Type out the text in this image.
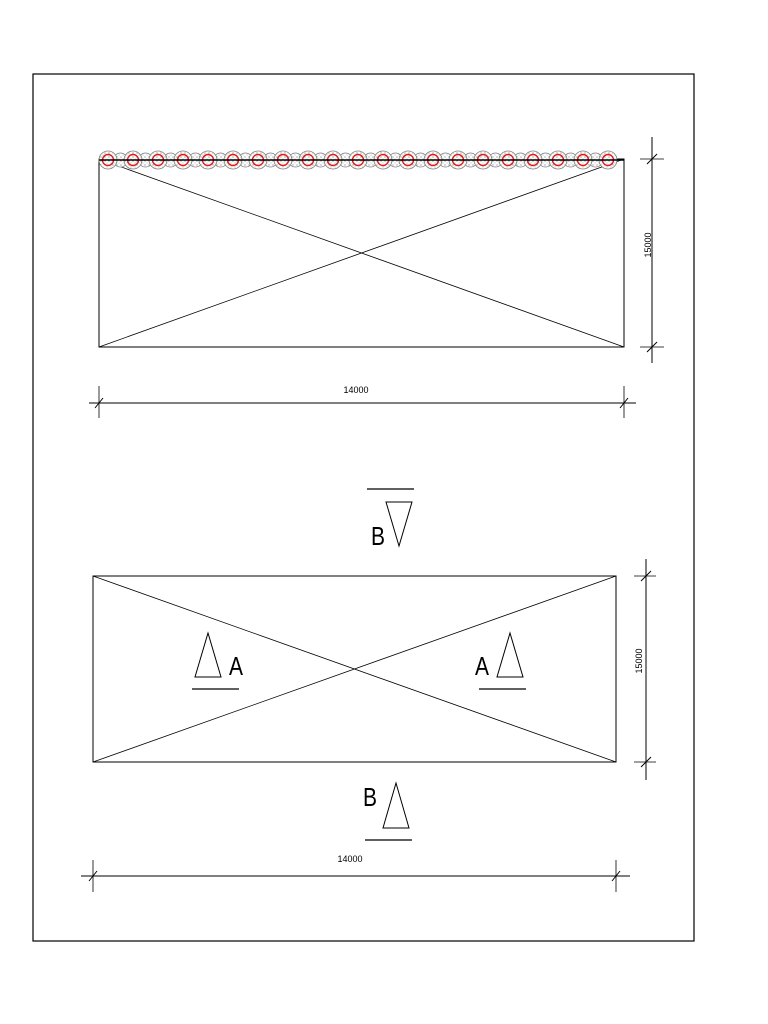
14000
15000
B
A	A
B
14000
15000
